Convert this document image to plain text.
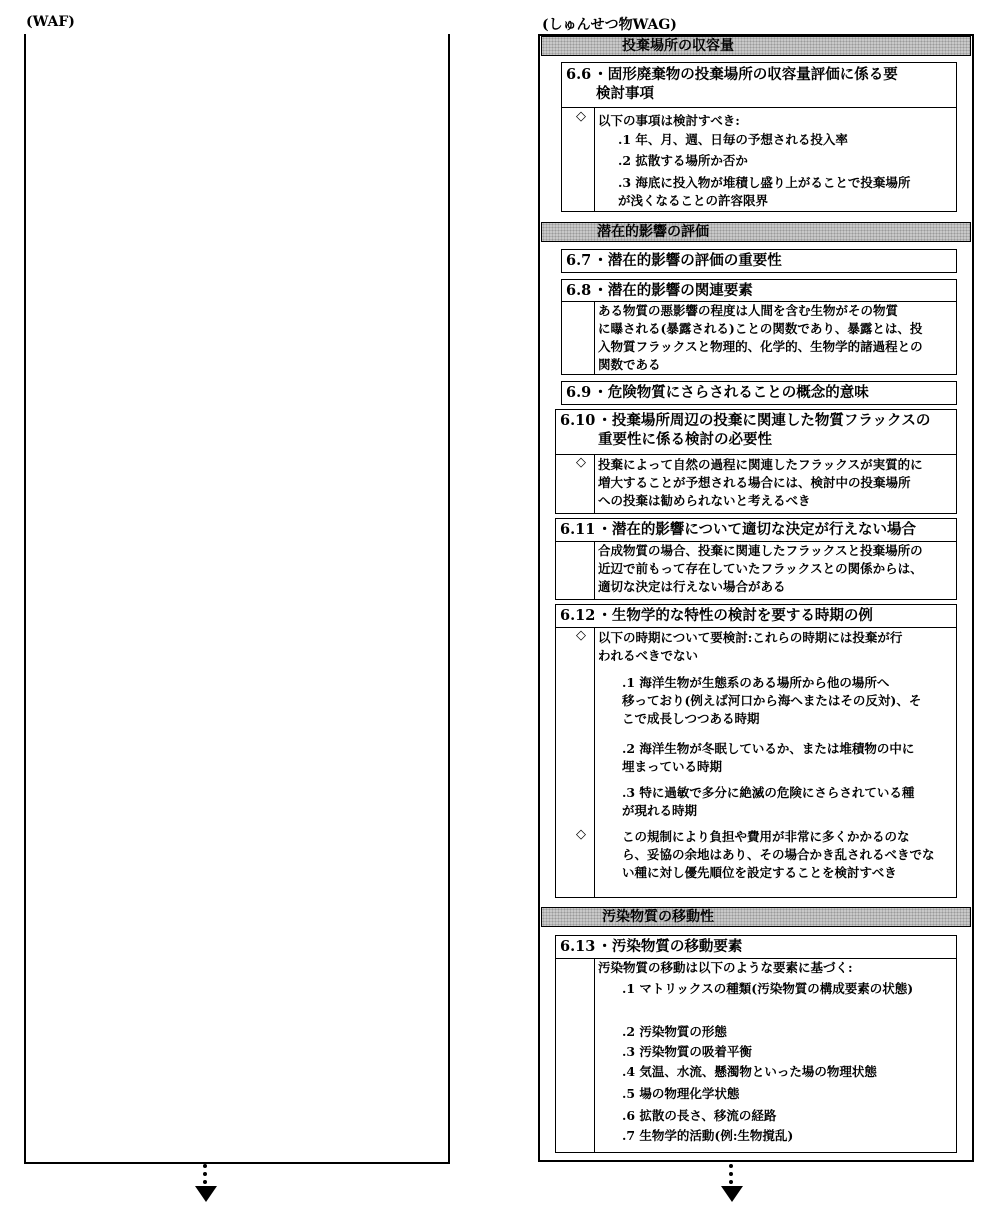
(WAF)	(しゅんせつ物WAG)
投棄場所の収容量
6.6 ・固形廃棄物の投棄場所の収容量評価に係る要
検討事項
◇ 以下の事項は検討すべき:
.1 年、月、週、日毎の予想される投入率
.2 拡散する場所か否か
.3 海底に投入物が堆積し盛り上がることで投棄場所
が浅くなることの許容限界
潜在的影響の評価
6.7 ・潜在的影響の評価の重要性
6.8 ・潜在的影響の関連要素
ある物質の悪影響の程度は人間を含む生物がその物質
に曝される(暴露される)ことの関数であり、暴露とは、投
入物質フラックスと物理的、化学的、生物学的諸過程との
関数である
6.9 ・危険物質にさらされることの概念的意味
6.10 ・投棄場所周辺の投棄に関連した物質フラックスの
重要性に係る検討の必要性
◇ 投棄によって自然の過程に関連したフラックスが実質的に
増大することが予想される場合には、検討中の投棄場所
への投棄は勧められないと考えるべき
6.11 ・潜在的影響について適切な決定が行えない場合
合成物質の場合、投棄に関連したフラックスと投棄場所の
近辺で前もって存在していたフラックスとの関係からは、
適切な決定は行えない場合がある
6.12 ・生物学的な特性の検討を要する時期の例
◇ 以下の時期について要検討:これらの時期には投棄が行
われるべきでない
.1 海洋生物が生態系のある場所から他の場所へ
移っており(例えば河口から海へまたはその反対)、そ
こで成長しつつある時期
.2 海洋生物が冬眠しているか、または堆積物の中に
埋まっている時期
.3 特に過敏で多分に絶滅の危険にさらされている種
が現れる時期
◇	この規制により負担や費用が非常に多くかかるのな
ら、妥協の余地はあり、その場合かき乱されるべきでな
い種に対し優先順位を設定することを検討すべき
汚染物質の移動性
6.13 ・汚染物質の移動要素
汚染物質の移動は以下のような要素に基づく:
.1 マトリックスの種類(汚染物質の構成要素の状態)
.2 汚染物質の形態
.3 汚染物質の吸着平衡
.4 気温、水流、懸濁物といった場の物理状態
.5 場の物理化学状態
.6 拡散の長さ、移流の経路
.7 生物学的活動(例:生物撹乱)
